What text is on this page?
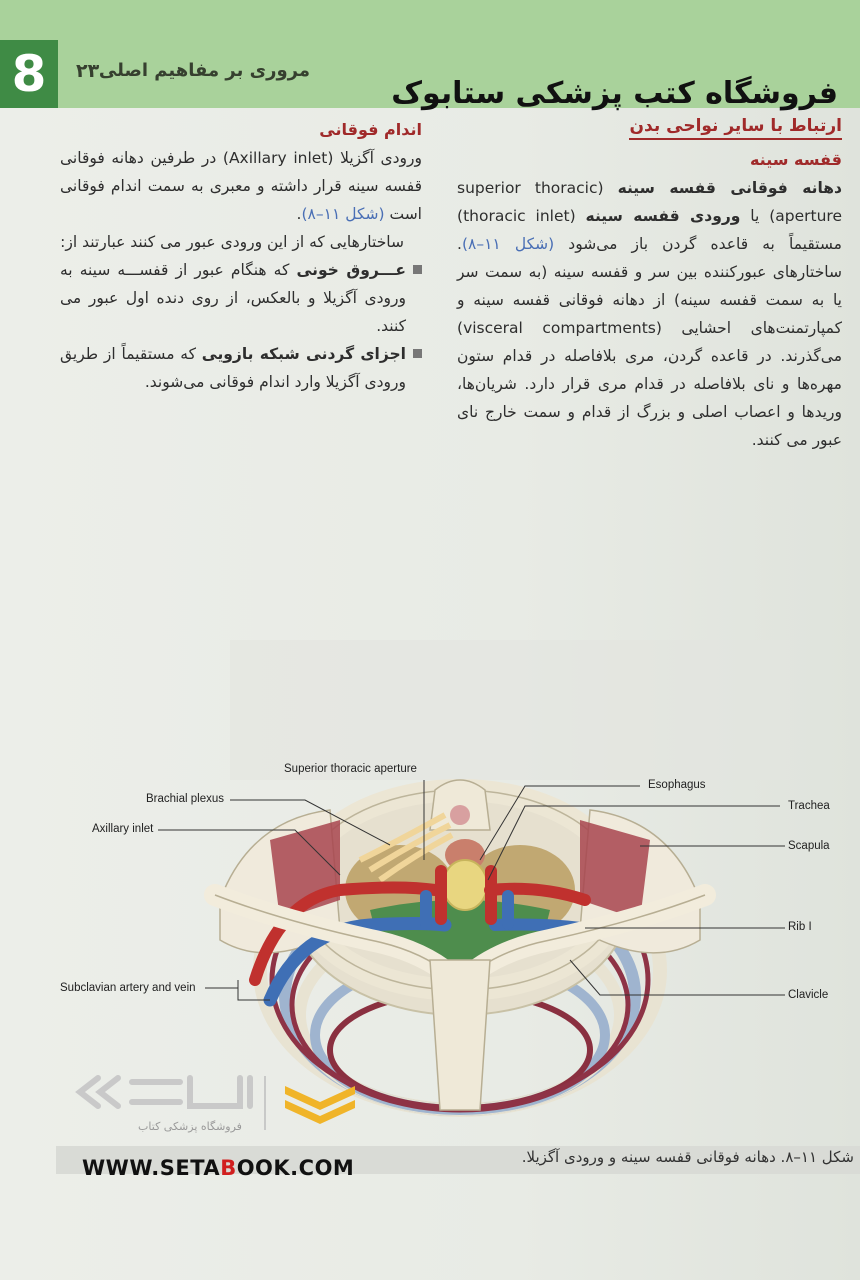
8	۲۳ مروری بر مفاهیم اصلی
فروشگاه کتب پزشکی ستابوک
ارتباط با سایر نواحی بدن
قفسه سینه

دهانه فوقانی قفسه سینه (superior thoracic aperture) یا ورودی قفسه سینه (thoracic inlet) مستقیماً به قاعده گردن باز می‌شود (شکل ۱۱–۸). ساختارهای عبورکننده بین سر و قفسه سینه (به سمت سر یا به سمت قفسه سینه) از دهانه فوقانی قفسه سینه و کمپارتمنت‌های احشایی (visceral compartments) می‌گذرند. در قاعده گردن، مری بلافاصله در قدام ستون مهره‌ها و نای بلافاصله در قدام مری قرار دارد. شریان‌ها، وریدها و اعصاب اصلی و بزرگ از قدام و سمت خارج نای عبور می کنند.

اندام فوقانی

ورودی آگزیلا (Axillary inlet) در طرفین دهانه فوقانی قفسه سینه قرار داشته و معبری به سمت اندام فوقانی است (شکل ۱۱–۸).

ساختارهایی که از این ورودی عبور می کنند عبارتند از:

عـــروق خونی که هنگام عبور از قفســـه سینه به ورودی آگزیلا و بالعکس، از روی دنده اول عبور می کنند.

اجزای گردنی شبکه بازویی که مستقیماً از طریق ورودی آگزیلا وارد اندام فوقانی می‌شوند.

Superior thoracic aperture
Brachial plexus
Axillary inlet
Subclavian artery and vein
Esophagus
Trachea
Scapula
Rib I
Clavicle
فروشگاه پزشکی کتاب
شکل ۱۱–۸. دهانه فوقانی قفسه سینه و ورودی آگزیلا.
WWW.SETABOOK.COM
